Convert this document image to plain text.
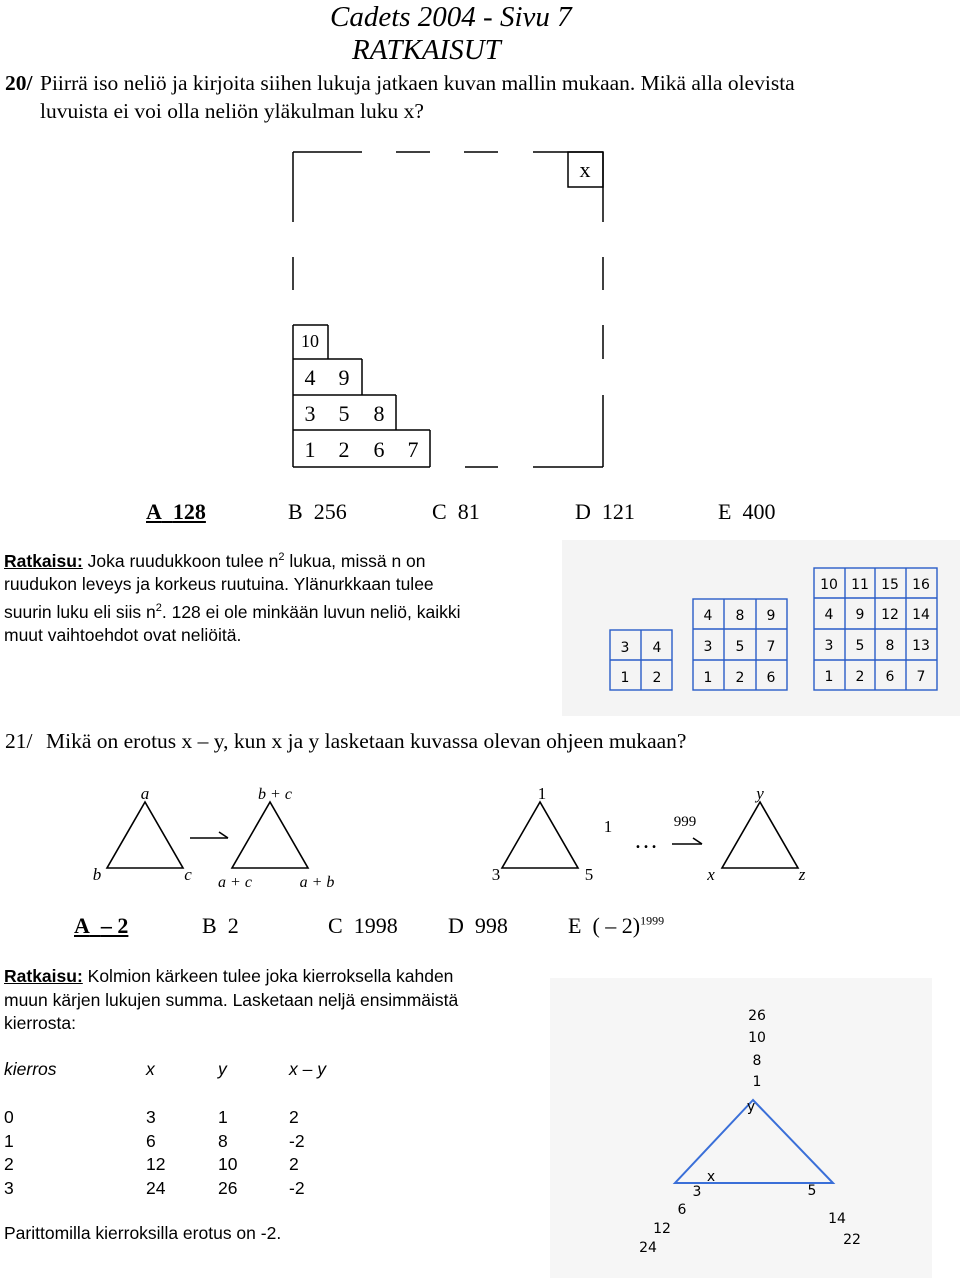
Cadets 2004 - Sivu 7
RATKAISUT
20/ Piirrä iso neliö ja kirjoita siihen lukuja jatkaen kuvan mallin mukaan. Mikä alla olevista
luvuista ei voi olla neliön yläkulman luku x?
x
10
4 9
3 5 8
1 2 6 7
A 128	B 256	C 81	D 121	E 400
Ratkaisu: Joka ruudukkoon tulee $n^2$ lukua, missä n on
ruudukon leveys ja korkeus ruutuina. Ylänurkkaan tulee
suurin luku eli siis $n^2$. 128 ei ole minkään luvun neliö, kaikki
muut vaihtoehdot ovat neliöitä.
3 4
1 2
4 8 9
3 5 7
1 2 6
10 11 15 16
4 9 12 14
3 5 8 13
1 2 6 7
21/ Mikä on erotus x – y, kun x ja y lasketaan kuvassa olevan ohjeen mukaan?
a
b	c
b + c
a + c	a + b
y
x	z
1
3	5
1	999
…
A – 2	B 2	C 1998 D 998	E ( – 2)$^{1999}$
Ratkaisu: Kolmion kärkeen tulee joka kierroksella kahden
muun kärjen lukujen summa. Lasketaan neljä ensimmäistä
kierrosta:
kierros	x	y	x – y
0	3	1	2
1	6	8	-2
2	12	10	2
3	24	26	-2
Parittomilla kierroksilla erotus on -2.
26
10
8
1
y
x
3
6
12
24
5
14
22
